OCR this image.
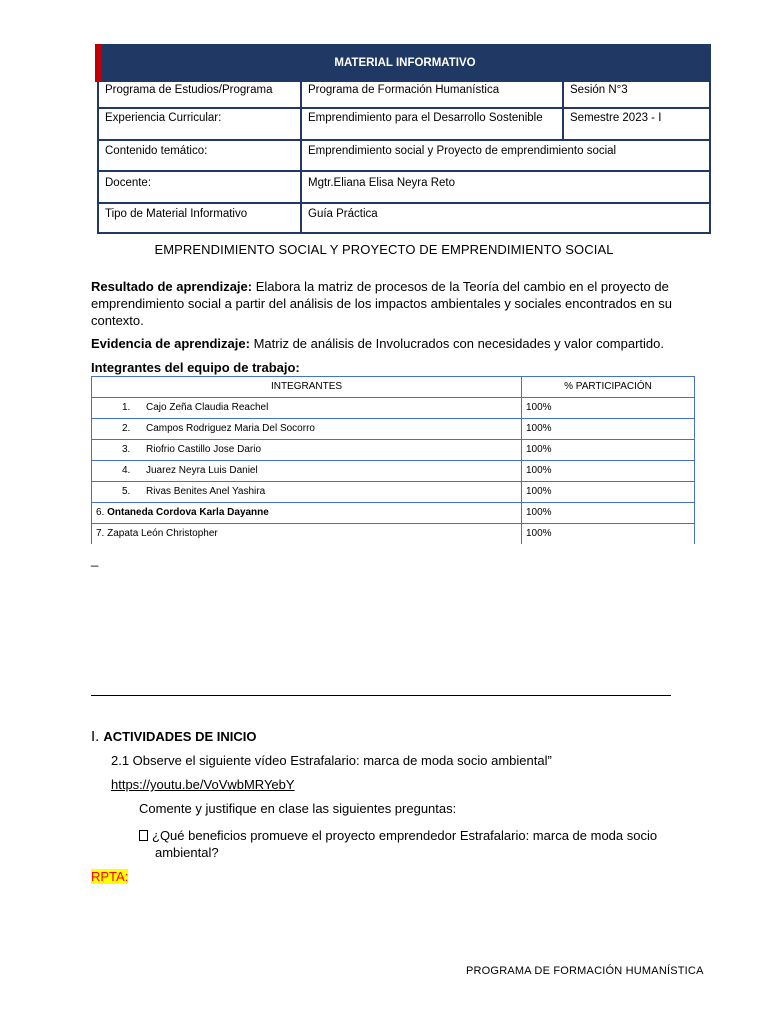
MATERIAL INFORMATIVO		
Programa de Estudios/Programa	Programa de Formación Humanística	Sesión N°3
Experiencia Curricular:	Emprendimiento para el Desarrollo Sostenible	Semestre 2023 - I
Contenido temático:	Emprendimiento social y Proyecto de emprendimiento social	
Docente:	Mgtr.Eliana Elisa Neyra Reto	
Tipo de Material Informativo	Guía Práctica	
EMPRENDIMIENTO SOCIAL Y PROYECTO DE EMPRENDIMIENTO SOCIAL
Resultado de aprendizaje: Elabora la matriz de procesos de la Teoría del cambio en el proyecto de emprendimiento social a partir del análisis de los impactos ambientales y sociales encontrados en su contexto.
Evidencia de aprendizaje: Matriz de análisis de Involucrados con necesidades y valor compartido.
Integrantes del equipo de trabajo:
INTEGRANTES	% PARTICIPACIÓN
1. Cajo Zeña Claudia Reachel	100%
2. Campos Rodriguez Maria Del Socorro	100%
3. Riofrio Castillo Jose Dario	100%
4. Juarez Neyra Luis Daniel	100%
5. Rivas Benites Anel Yashira	100%
6. Ontaneda Cordova Karla Dayanne	100%
7. Zapata León Christopher	100%
_
I. ACTIVIDADES DE INICIO
2.1 Observe el siguiente vídeo Estrafalario: marca de moda socio ambiental”
https://youtu.be/VoVwbMRYebY
Comente y justifique en clase las siguientes preguntas:
¿Qué beneficios promueve el proyecto emprendedor Estrafalario: marca de moda socio
ambiental?
RPTA:
PROGRAMA DE FORMACIÓN HUMANÍSTICA
